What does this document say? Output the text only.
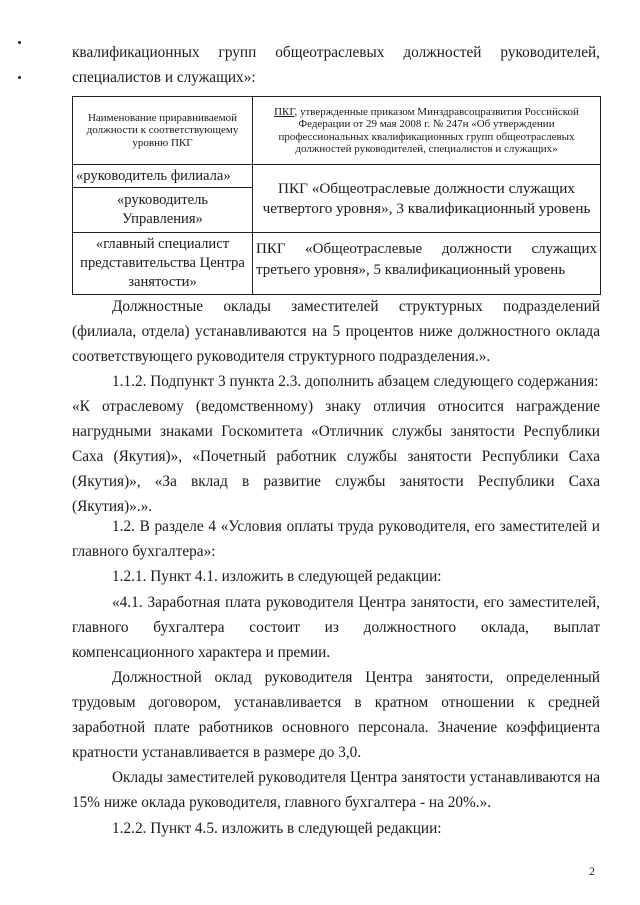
квалификационных групп общеотраслевых должностей руководителей, специалистов и служащих»:
Наименование приравниваемой должности к соответствующему уровню ПКГ	ПКГ, утвержденные приказом Минздравсоцразвития Российской Федерации от 29 мая 2008 г. № 247н «Об утверждении профессиональных квалификационных групп общеотраслевых должностей руководителей, специалистов и служащих»
«руководитель филиала»	ПКГ «Общеотраслевые должности служащих четвертого уровня», 3 квалификационный уровень
«руководитель Управления»	
«главный специалист представительства Центра занятости»	ПКГ «Общеотраслевые должности служащих третьего уровня», 5 квалификационный уровень
Должностные оклады заместителей структурных подразделений (филиала, отдела) устанавливаются на 5 процентов ниже должностного оклада соответствующего руководителя структурного подразделения.».
1.1.2. Подпункт 3 пункта 2.3. дополнить абзацем следующего содержания:
«К отраслевому (ведомственному) знаку отличия относится награждение нагрудными знаками Госкомитета «Отличник службы занятости Республики Саха (Якутия)», «Почетный работник службы занятости Республики Саха (Якутия)», «За вклад в развитие службы занятости Республики Саха (Якутия)».».
1.2. В разделе 4 «Условия оплаты труда руководителя, его заместителей и главного бухгалтера»:
1.2.1. Пункт 4.1. изложить в следующей редакции:
«4.1. Заработная плата руководителя Центра занятости, его заместителей, главного бухгалтера состоит из должностного оклада, выплат компенсационного характера и премии.
Должностной оклад руководителя Центра занятости, определенный трудовым договором, устанавливается в кратном отношении к средней заработной плате работников основного персонала. Значение коэффициента кратности устанавливается в размере до 3,0.
Оклады заместителей руководителя Центра занятости устанавливаются на 15% ниже оклада руководителя, главного бухгалтера - на 20%.».
1.2.2. Пункт 4.5. изложить в следующей редакции:
2
